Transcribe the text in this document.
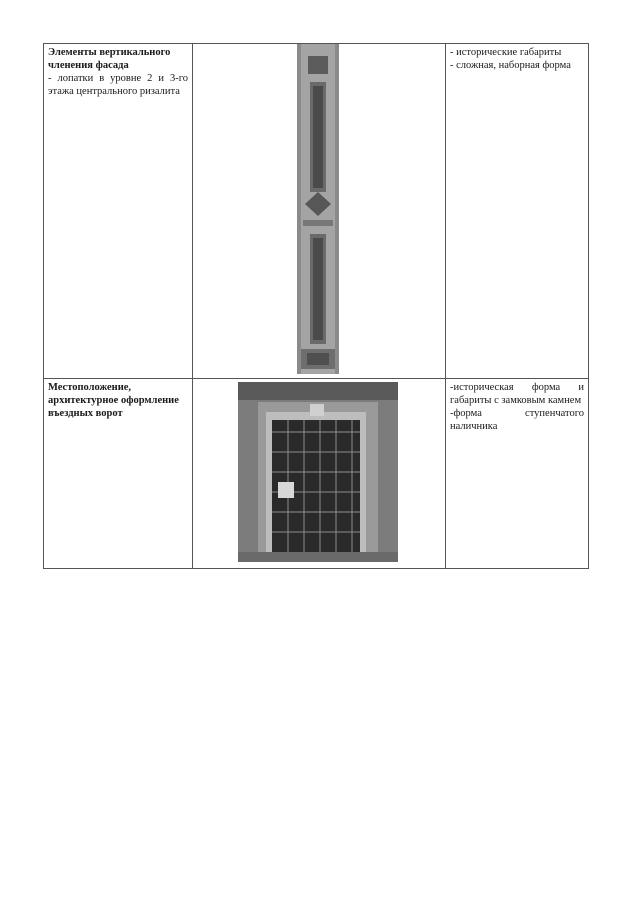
Элементы вертикального членения фасада
- лопатки в уровне 2 и 3-го этажа центрального ризалита		- исторические габариты
- сложная, наборная форма

Местоположение, архитектурное оформление въездных ворот		-историческая форма и габариты с замковым камнем
-форма ступенчатого наличника
